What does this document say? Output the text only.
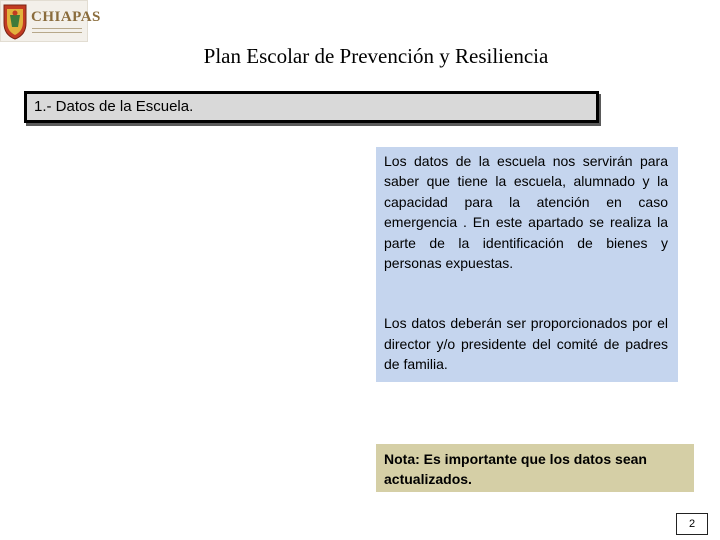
CHIAPAS
Plan Escolar de Prevención y Resiliencia
1.- Datos de la Escuela.

Los datos de la escuela nos servirán para saber que tiene la escuela, alumnado y la capacidad para la atención en caso emergencia . En este apartado se realiza la parte de la identificación de bienes y personas expuestas.

Los datos deberán ser proporcionados por el director y/o presidente del comité de padres de familia.

Nota: Es importante que los datos sean actualizados.
2
